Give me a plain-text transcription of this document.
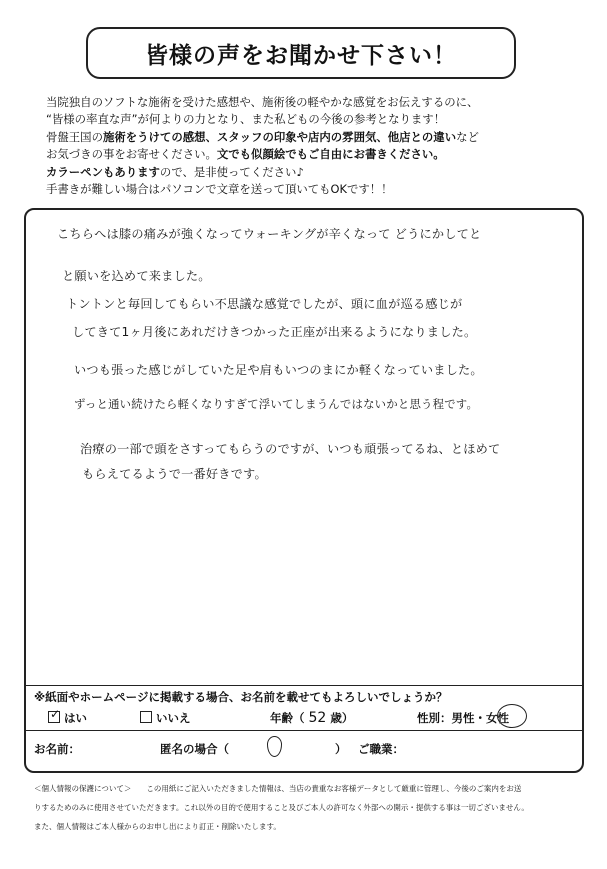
皆様の声をお聞かせ下さい！
当院独自のソフトな施術を受けた感想や、施術後の軽やかな感覚をお伝えするのに、
“皆様の率直な声”が何よりの力となり、また私どもの今後の参考となります！
骨盤王国の施術をうけての感想、スタッフの印象や店内の雰囲気、他店との違いなど
お気づきの事をお寄せください。文でも似顔絵でもご自由にお書きください。
カラーペンもありますので、是非使ってください♪
手書きが難しい場合はパソコンで文章を送って頂いてもOKです！！
こちらへは膝の痛みが強くなってウォーキングが辛くなって どうにかしてと
と願いを込めて来ました。
トントンと毎回してもらい不思議な感覚でしたが、頭に血が巡る感じが
してきて1ヶ月後にあれだけきつかった正座が出来るようになりました。
いつも張った感じがしていた足や肩もいつのまにか軽くなっていました。
ずっと通い続けたら軽くなりすぎて浮いてしまうんではないかと思う程です。
治療の一部で頭をさすってもらうのですが、いつも頑張ってるね、とほめて
もらえてるようで一番好きです。
※紙面やホームページに掲載する場合、お名前を載せてもよろしいでしょうか？
✓ はい	いいえ	年齢（ 52 歳）	性別：男性・女性
お名前：	匿名の場合（	） ご職業：
＜個人情報の保護について＞　　この用紙にご記入いただきました情報は、当店の貴重なお客様データとして厳重に管理し、今後のご案内をお送
りするためのみに使用させていただきます。これ以外の目的で使用すること及びご本人の許可なく外部への開示・提供する事は一切ございません。
また、個人情報はご本人様からのお申し出により訂正・削除いたします。
